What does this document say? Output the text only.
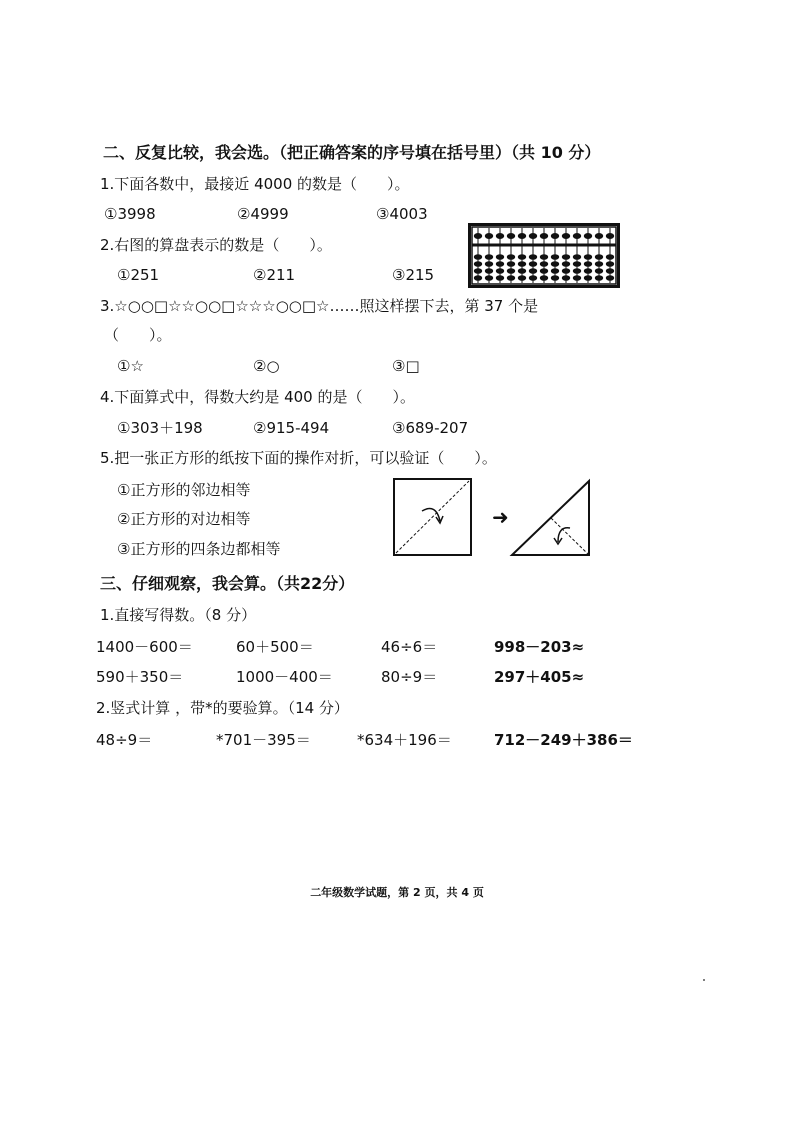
二、反复比较，我会选。（把正确答案的序号填在括号里）（共 10 分）
1.下面各数中，最接近 4000 的数是（　　）。
①3998	②4999	③4003
2.右图的算盘表示的数是（　　）。
①251	②211	③215
3.☆○○□☆☆○○□☆☆☆○○□☆……照这样摆下去，第 37 个是
（　　）。
①☆	②○	③□
4.下面算式中，得数大约是 400 的是（　　）。
①303＋198	②915-494	③689-207
5.把一张正方形的纸按下面的操作对折，可以验证（　　）。
①正方形的邻边相等
②正方形的对边相等
③正方形的四条边都相等
➜
三、仔细观察，我会算。（共22分）
1.直接写得数。（8 分）
1400－600＝	60＋500＝	46÷6＝	998－203≈
590＋350＝	1000－400＝	80÷9＝	297＋405≈
2.竖式计算 ，带*的要验算。（14 分）
48÷9＝	*701－395＝	*634＋196＝	712－249＋386＝
二年级数学试题，第 2 页，共 4 页
